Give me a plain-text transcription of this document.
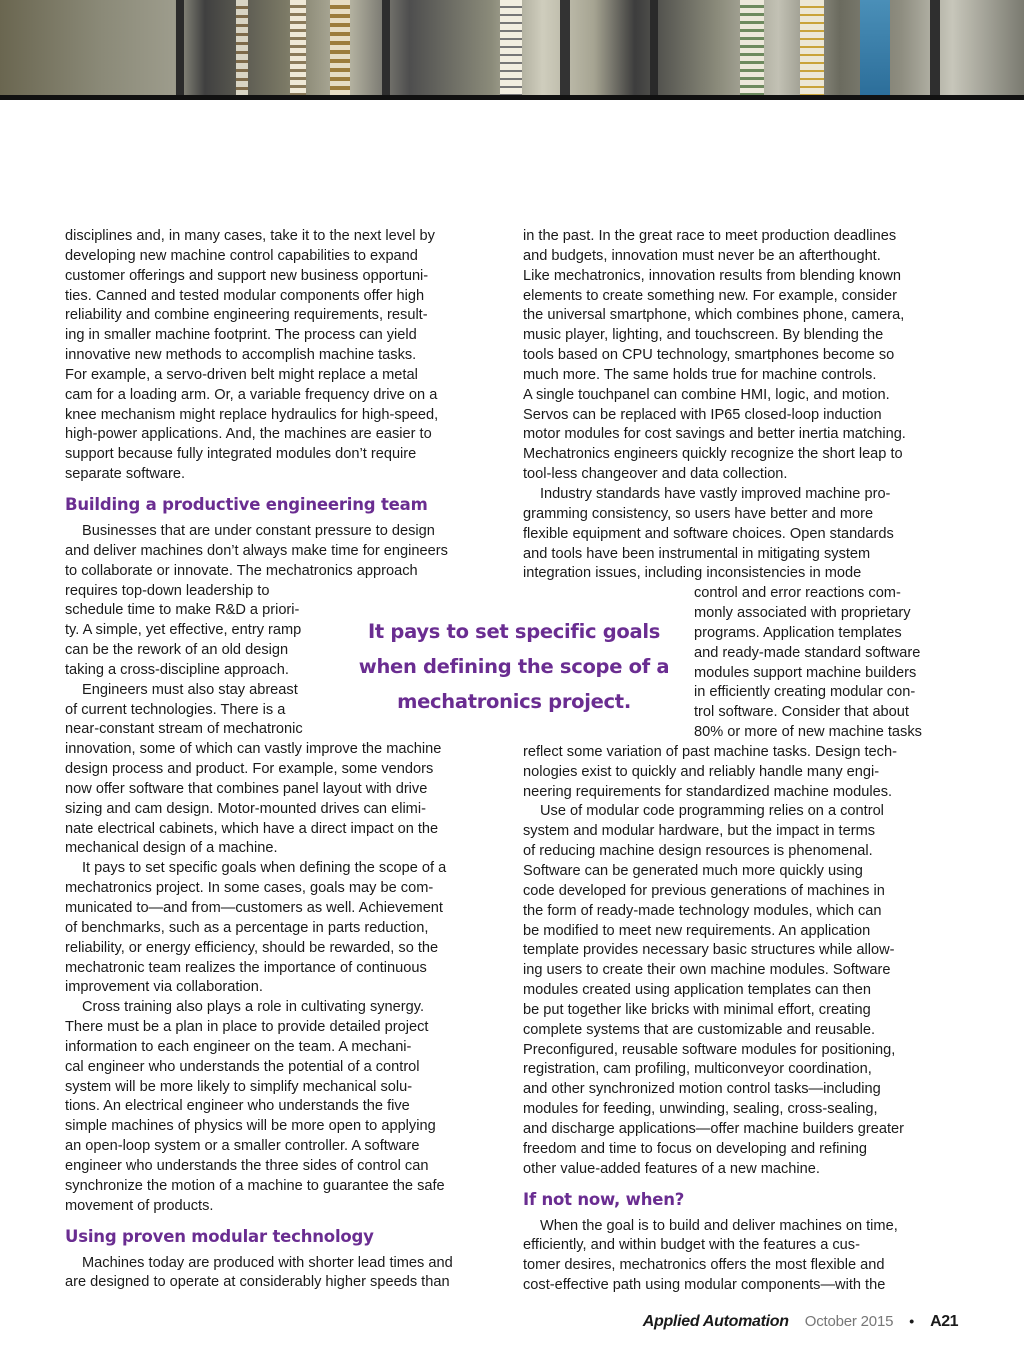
disciplines and, in many cases, take it to the next level by
developing new machine control capabilities to expand
customer offerings and support new business opportuni-
ties. Canned and tested modular components offer high
reliability and combine engineering requirements, result-
ing in smaller machine footprint. The process can yield
innovative new methods to accomplish machine tasks.
For example, a servo-driven belt might replace a metal
cam for a loading arm. Or, a variable frequency drive on a
knee mechanism might replace hydraulics for high-speed,
high-power applications. And, the machines are easier to
support because fully integrated modules don’t require
separate software.

Building a productive engineering team

Businesses that are under constant pressure to design
and deliver machines don’t always make time for engineers
to collaborate or innovate. The mechatronics approach
requires top-down leadership to
schedule time to make R&D a priori-
ty. A simple, yet effective, entry ramp
can be the rework of an old design
taking a cross-discipline approach.

Engineers must also stay abreast
of current technologies. There is a
near-constant stream of mechatronic
innovation, some of which can vastly improve the machine
design process and product. For example, some vendors
now offer software that combines panel layout with drive
sizing and cam design. Motor-mounted drives can elimi-
nate electrical cabinets, which have a direct impact on the
mechanical design of a machine.

It pays to set specific goals when defining the scope of a
mechatronics project. In some cases, goals may be com-
municated to—and from—customers as well. Achievement
of benchmarks, such as a percentage in parts reduction,
reliability, or energy efficiency, should be rewarded, so the
mechatronic team realizes the importance of continuous
improvement via collaboration.

Cross training also plays a role in cultivating synergy.
There must be a plan in place to provide detailed project
information to each engineer on the team. A mechani-
cal engineer who understands the potential of a control
system will be more likely to simplify mechanical solu-
tions. An electrical engineer who understands the five
simple machines of physics will be more open to applying
an open-loop system or a smaller controller. A software
engineer who understands the three sides of control can
synchronize the motion of a machine to guarantee the safe
movement of products.

Using proven modular technology

Machines today are produced with shorter lead times and
are designed to operate at considerably higher speeds than

in the past. In the great race to meet production deadlines
and budgets, innovation must never be an afterthought.
Like mechatronics, innovation results from blending known
elements to create something new. For example, consider
the universal smartphone, which combines phone, camera,
music player, lighting, and touchscreen. By blending the
tools based on CPU technology, smartphones become so
much more. The same holds true for machine controls.
A single touchpanel can combine HMI, logic, and motion.
Servos can be replaced with IP65 closed-loop induction
motor modules for cost savings and better inertia matching.
Mechatronics engineers quickly recognize the short leap to
tool-less changeover and data collection.

Industry standards have vastly improved machine pro-
gramming consistency, so users have better and more
flexible equipment and software choices. Open standards
and tools have been instrumental in mitigating system
integration issues, including inconsistencies in mode
control and error reactions com-
monly associated with proprietary
programs. Application templates
and ready-made standard software
modules support machine builders
in efficiently creating modular con-
trol software. Consider that about
80% or more of new machine tasks
reflect some variation of past machine tasks. Design tech-
nologies exist to quickly and reliably handle many engi-
neering requirements for standardized machine modules.

Use of modular code programming relies on a control
system and modular hardware, but the impact in terms
of reducing machine design resources is phenomenal.
Software can be generated much more quickly using
code developed for previous generations of machines in
the form of ready-made technology modules, which can
be modified to meet new requirements. An application
template provides necessary basic structures while allow-
ing users to create their own machine modules. Software
modules created using application templates can then
be put together like bricks with minimal effort, creating
complete systems that are customizable and reusable.
Preconfigured, reusable software modules for positioning,
registration, cam profiling, multiconveyor coordination,
and other synchronized motion control tasks—including
modules for feeding, unwinding, sealing, cross-sealing,
and discharge applications—offer machine builders greater
freedom and time to focus on developing and refining
other value-added features of a new machine.

If not now, when?

When the goal is to build and deliver machines on time,
efficiently, and within budget with the features a cus-
tomer desires, mechatronics offers the most flexible and
cost-effective path using modular components—with the

It pays to set specific goals
when defining the scope of a
mechatronics project.
Applied Automation October 2015 • A21
